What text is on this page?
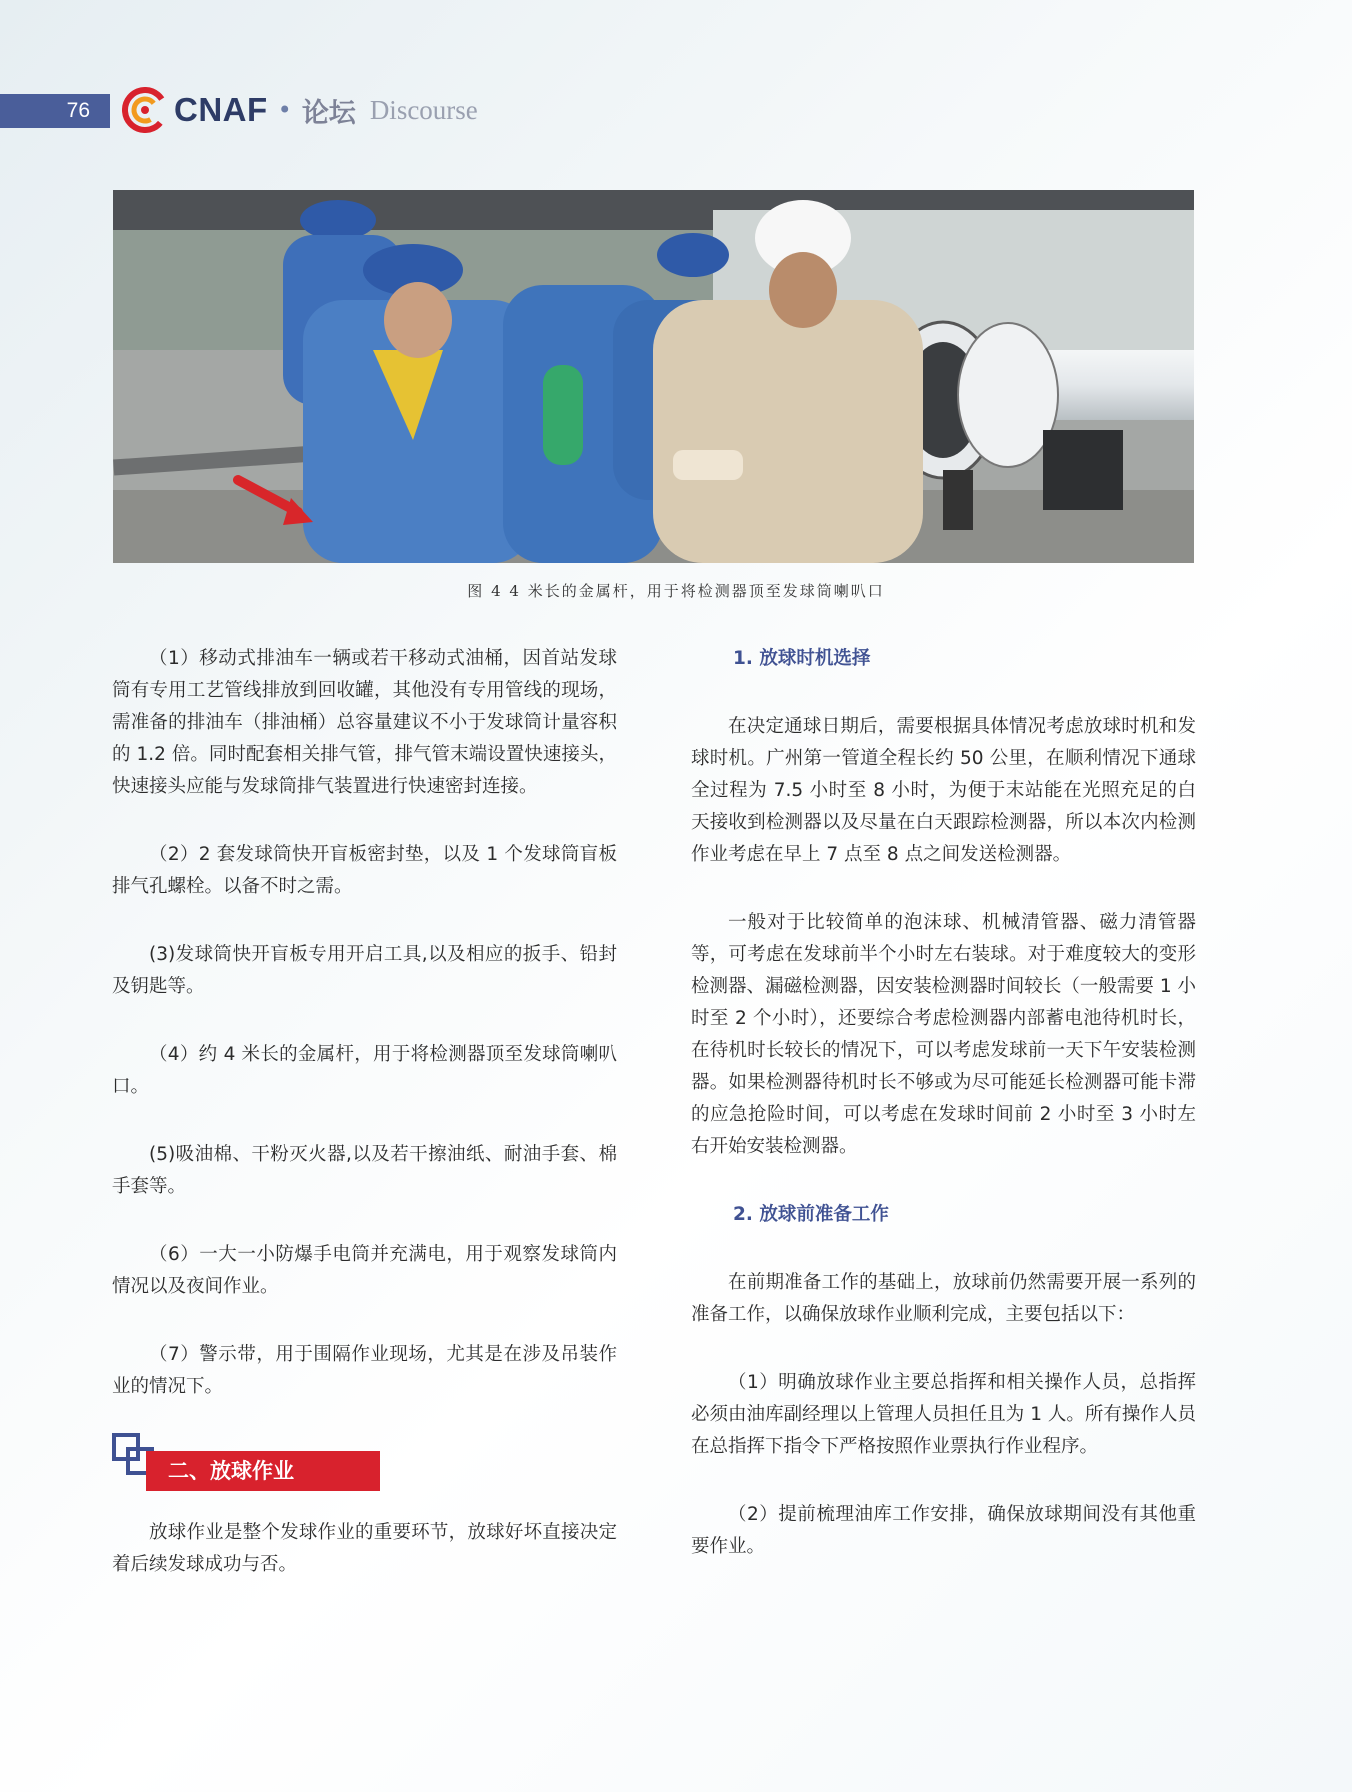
76	CNAF • 论坛 Discourse
图 4 4 米长的金属杆，用于将检测器顶至发球筒喇叭口

（1）移动式排油车一辆或若干移动式油桶，因首站发球筒有专用工艺管线排放到回收罐，其他没有专用管线的现场，需准备的排油车（排油桶）总容量建议不小于发球筒计量容积的 1.2 倍。同时配套相关排气管，排气管末端设置快速接头，快速接头应能与发球筒排气装置进行快速密封连接。

（2）2 套发球筒快开盲板密封垫，以及 1 个发球筒盲板排气孔螺栓。以备不时之需。

(3)发球筒快开盲板专用开启工具,以及相应的扳手、铅封及钥匙等。

（4）约 4 米长的金属杆，用于将检测器顶至发球筒喇叭口。

(5)吸油棉、干粉灭火器,以及若干擦油纸、耐油手套、棉手套等。

（6）一大一小防爆手电筒并充满电，用于观察发球筒内情况以及夜间作业。

（7）警示带，用于围隔作业现场，尤其是在涉及吊装作业的情况下。

二、放球作业

放球作业是整个发球作业的重要环节，放球好坏直接决定着后续发球成功与否。

1. 放球时机选择

在决定通球日期后，需要根据具体情况考虑放球时机和发球时机。广州第一管道全程长约 50 公里，在顺利情况下通球全过程为 7.5 小时至 8 小时，为便于末站能在光照充足的白天接收到检测器以及尽量在白天跟踪检测器，所以本次内检测作业考虑在早上 7 点至 8 点之间发送检测器。

一般对于比较简单的泡沫球、机械清管器、磁力清管器等，可考虑在发球前半个小时左右装球。对于难度较大的变形检测器、漏磁检测器，因安装检测器时间较长（一般需要 1 小时至 2 个小时），还要综合考虑检测器内部蓄电池待机时长，在待机时长较长的情况下，可以考虑发球前一天下午安装检测器。如果检测器待机时长不够或为尽可能延长检测器可能卡滞的应急抢险时间，可以考虑在发球时间前 2 小时至 3 小时左右开始安装检测器。

2. 放球前准备工作

在前期准备工作的基础上，放球前仍然需要开展一系列的准备工作，以确保放球作业顺利完成，主要包括以下：

（1）明确放球作业主要总指挥和相关操作人员，总指挥必须由油库副经理以上管理人员担任且为 1 人。所有操作人员在总指挥下指令下严格按照作业票执行作业程序。

（2）提前梳理油库工作安排，确保放球期间没有其他重要作业。
